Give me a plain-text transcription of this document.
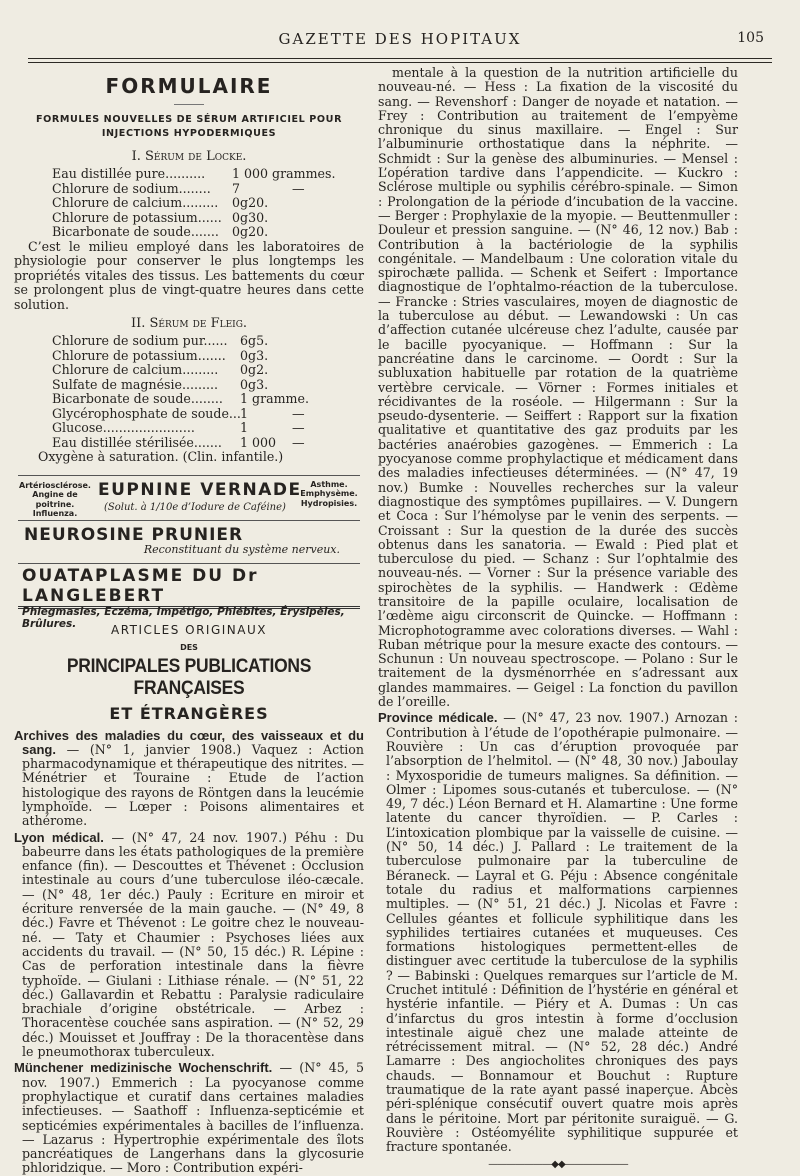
GAZETTE DES HOPITAUX	105
FORMULAIRE
FORMULES NOUVELLES DE SÉRUM ARTIFICIEL POUR
INJECTIONS HYPODERMIQUES
I. Sérum de Locke.
Eau distillée pure.......... 1 000 grammes.
Chlorure de sodium........ 7	—
Chlorure de calcium......... 0g20.
Chlorure de potassium...... 0g30.
Bicarbonate de soude....... 0g20.

C’est le milieu employé dans les laboratoires de physiologie pour conserver le plus longtemps les propriétés vitales des tissus. Les battements du cœur se prolongent plus de vingt-quatre heures dans cette solution.

II. Sérum de Fleig.
Chlorure de sodium pur...... 6g5.
Chlorure de potassium....... 0g3.
Chlorure de calcium......... 0g2.
Sulfate de magnésie......... 0g3.
Bicarbonate de soude........ 1 gramme.
Glycérophosphate de soude... 1	—
Glucose.......................	1	—
Eau distillée stérilisée....... 1 000 —
Oxygène à saturation. (Clin. infantile.)
Artériosclérose. Angine de poitrine. Influenza.
EUPNINE VERNADE
(Solut. à 1/10e d’Iodure de Caféine)
Asthme. Emphysème. Hydropisies.
NEUROSINE PRUNIER
Reconstituant du système nerveux.
OUATAPLASME DU Dr LANGLEBERT
Phlegmasies, Eczéma, Impétigo, Phlébites, Érysipèles, Brûlures.	ARTICLES ORIGINAUX
DES
PRINCIPALES PUBLICATIONS FRANÇAISES
ET ÉTRANGÈRES

Archives des maladies du cœur, des vaisseaux et du sang. — (N° 1, janvier 1908.) Vaquez : Action pharmacodynamique et thérapeutique des nitrites. — Ménétrier et Touraine : Etude de l’action histologique des rayons de Röntgen dans la leucémie lymphoïde. — Lœper : Poisons alimentaires et athérome.

Lyon médical. — (N° 47, 24 nov. 1907.) Péhu : Du babeurre dans les états pathologiques de la première enfance (fin). — Descouttes et Thévenet : Occlusion intestinale au cours d’une tuberculose iléo-cæcale. — (N° 48, 1er déc.) Pauly : Ecriture en miroir et écriture renversée de la main gauche. — (N° 49, 8 déc.) Favre et Thévenot : Le goitre chez le nouveau-né. — Taty et Chaumier : Psychoses liées aux accidents du travail. — (N° 50, 15 déc.) R. Lépine : Cas de perforation intestinale dans la fièvre typhoïde. — Giulani : Lithiase rénale. — (N° 51, 22 déc.) Gallavardin et Rebattu : Paralysie radiculaire brachiale d’origine obstétricale. — Arbez : Thoracentèse couchée sans aspiration. — (N° 52, 29 déc.) Mouisset et Jouffray : De la thoracentèse dans le pneumothorax tuberculeux.

Münchener medizinische Wochenschrift. — (N° 45, 5 nov. 1907.) Emmerich : La pyocyanose comme prophylactique et curatif dans certaines maladies infectieuses. — Saathoff : Influenza-septicémie et septicémies expérimentales à bacilles de l’influenza. — Lazarus : Hypertrophie expérimentale des îlots pancréatiques de Langerhans dans la glycosurie phloridzique. — Moro : Contribution expéri-

mentale à la question de la nutrition artificielle du nouveau-né. — Hess : La fixation de la viscosité du sang. — Revenshorf : Danger de noyade et natation. — Frey : Contribution au traitement de l’empyème chronique du sinus maxillaire. — Engel : Sur l’albuminurie orthostatique dans la néphrite. — Schmidt : Sur la genèse des albuminuries. — Mensel : L’opération tardive dans l’appendicite. — Kuckro : Sclérose multiple ou syphilis cérébro-spinale. — Simon : Prolongation de la période d’incubation de la vaccine. — Berger : Prophylaxie de la myopie. — Beuttenmuller : Douleur et pression sanguine. — (N° 46, 12 nov.) Bab : Contribution à la bactériologie de la syphilis congénitale. — Mandelbaum : Une coloration vitale du spirochæte pallida. — Schenk et Seifert : Importance diagnostique de l’ophtalmo-réaction de la tuberculose. — Francke : Stries vasculaires, moyen de diagnostic de la tuberculose au début. — Lewandowski : Un cas d’affection cutanée ulcéreuse chez l’adulte, causée par le bacille pyocyanique. — Hoffmann : Sur la pancréatine dans le carcinome. — Oordt : Sur la subluxation habituelle par rotation de la quatrième vertèbre cervicale. — Vörner : Formes initiales et récidivantes de la roséole. — Hilgermann : Sur la pseudo-dysenterie. — Seiffert : Rapport sur la fixation qualitative et quantitative des gaz produits par les bactéries anaérobies gazogènes. — Emmerich : La pyocyanose comme prophylactique et médicament dans des maladies infectieuses déterminées. — (N° 47, 19 nov.) Bumke : Nouvelles recherches sur la valeur diagnostique des symptômes pupillaires. — V. Dungern et Coca : Sur l’hémolyse par le venin des serpents. — Croissant : Sur la question de la durée des succès obtenus dans les sanatoria. — Ewald : Pied plat et tuberculose du pied. — Schanz : Sur l’ophtalmie des nouveau-nés. — Vorner : Sur la présence variable des spirochètes de la syphilis. — Handwerk : Œdème transitoire de la papille oculaire, localisation de l’œdème aigu circonscrit de Quincke. — Hoffmann : Microphotogramme avec colorations diverses. — Wahl : Ruban métrique pour la mesure exacte des contours. — Schunun : Un nouveau spectroscope. — Polano : Sur le traitement de la dysménorrhée en s’adressant aux glandes mammaires. — Geigel : La fonction du pavillon de l’oreille.

Province médicale. — (N° 47, 23 nov. 1907.) Arnozan : Contribution à l’étude de l’opothérapie pulmonaire. — Rouvière : Un cas d’éruption provoquée par l’absorption de l’helmitol. — (N° 48, 30 nov.) Jaboulay : Myxosporidie de tumeurs malignes. Sa définition. — Olmer : Lipomes sous-cutanés et tuberculose. — (N° 49, 7 déc.) Léon Bernard et H. Alamartine : Une forme latente du cancer thyroïdien. — P. Carles : L’intoxication plombique par la vaisselle de cuisine. — (N° 50, 14 déc.) J. Pallard : Le traitement de la tuberculose pulmonaire par la tuberculine de Béraneck. — Layral et G. Péju : Absence congénitale totale du radius et malformations carpiennes multiples. — (N° 51, 21 déc.) J. Nicolas et Favre : Cellules géantes et follicule syphilitique dans les syphilides tertiaires cutanées et muqueuses. Ces formations histologiques permettent-elles de distinguer avec certitude la tuberculose de la syphilis ? — Babinski : Quelques remarques sur l’article de M. Cruchet intitulé : Définition de l’hystérie en général et hystérie infantile. — Piéry et A. Dumas : Un cas d’infarctus du gros intestin à forme d’occlusion intestinale aiguë chez une malade atteinte de rétrécissement mitral. — (N° 52, 28 déc.) André Lamarre : Des angiocholites chroniques des pays chauds. — Bonnamour et Bouchut : Rupture traumatique de la rate ayant passé inaperçue. Abcès péri-splénique consécutif ouvert quatre mois après dans le péritoine. Mort par péritonite suraiguë. — G. Rouvière : Ostéomyélite syphilitique suppurée et fracture spontanée.

———————◆◆———————
